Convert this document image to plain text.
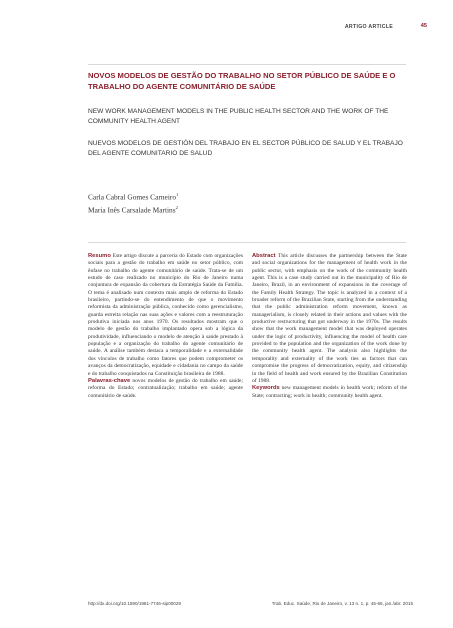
ARTIGO ARTICLE	45
NOVOS MODELOS DE GESTÃO DO TRABALHO NO SETOR PÚBLICO DE SAÚDE E O TRABALHO DO AGENTE COMUNITÁRIO DE SAÚDE
NEW WORK MANAGEMENT MODELS IN THE PUBLIC HEALTH SECTOR AND THE WORK OF THE COMMUNITY HEALTH AGENT
NUEVOS MODELOS DE GESTIÓN DEL TRABAJO EN EL SECTOR PÚBLICO DE SALUD Y EL TRABAJO DEL AGENTE COMUNITARIO DE SALUD
Carla Cabral Gomes Carneiro$^1$
Maria Inês Carsalade Martins$^2$
Resumo Este artigo discute a parceria do Estado com organizações sociais para a gestão do trabalho em saúde no setor público, com ênfase no trabalho do agente comunitário de saúde. Trata-se de um estudo de caso realizado no município do Rio de Janeiro numa conjuntura de expansão da cobertura da Estratégia Saúde da Família. O tema é analisado num contexto mais amplo de reforma do Estado brasileiro, partindo-se do entendimento de que o movimento reformista da administração pública, conhecido como gerencialismo, guarda estreita relação nas suas ações e valores com a reestruturação produtiva iniciada nos anos 1970. Os resultados mostram que o modelo de gestão do trabalho implantado opera sob a lógica da produtividade, influenciando o modelo de atenção à saúde prestado à população e a organização do trabalho do agente comunitário de saúde. A análise também destaca a temporalidade e a externalidade dos vínculos de trabalho como fatores que podem comprometer os avanços da democratização, equidade e cidadania no campo da saúde e do trabalho conquistados na Constituição brasileira de 1988.
Palavras-chave novos modelos de gestão do trabalho em saúde; reforma do Estado; contratualização; trabalho em saúde; agente comunitário de saúde.
Abstract This article discusses the partnership between the State and social organizations for the management of health work in the public sector, with emphasis on the work of the community health agent. This is a case study carried out in the municipality of Rio de Janeiro, Brazil, in an environment of expansions in the coverage of the Family Health Strategy. The topic is analyzed in a context of a broader reform of the Brazilian State, starting from the understanding that the public administration reform movement, known as managerialism, is closely related in their actions and values with the productive restructuring that got underway in the 1970s. The results show that the work management model that was deployed operates under the logic of productivity, influencing the model of health care provided to the population and the organization of the work done by the community health agent. The analysis also highlights the temporality and externality of the work ties as factors that can compromise the progress of democratization, equity, and citizenship in the field of health and work ensured by the Brazilian Constitution of 1988.
Keywords new management models in health work; reform of the State; contracting; work in health; community health agent.
http://dx.doi.org/10.1590/1981-7746-sip00029	Trab. Educ. Saúde, Rio de Janeiro, v. 13 n. 1, p. 45-65, jan./abr. 2015
